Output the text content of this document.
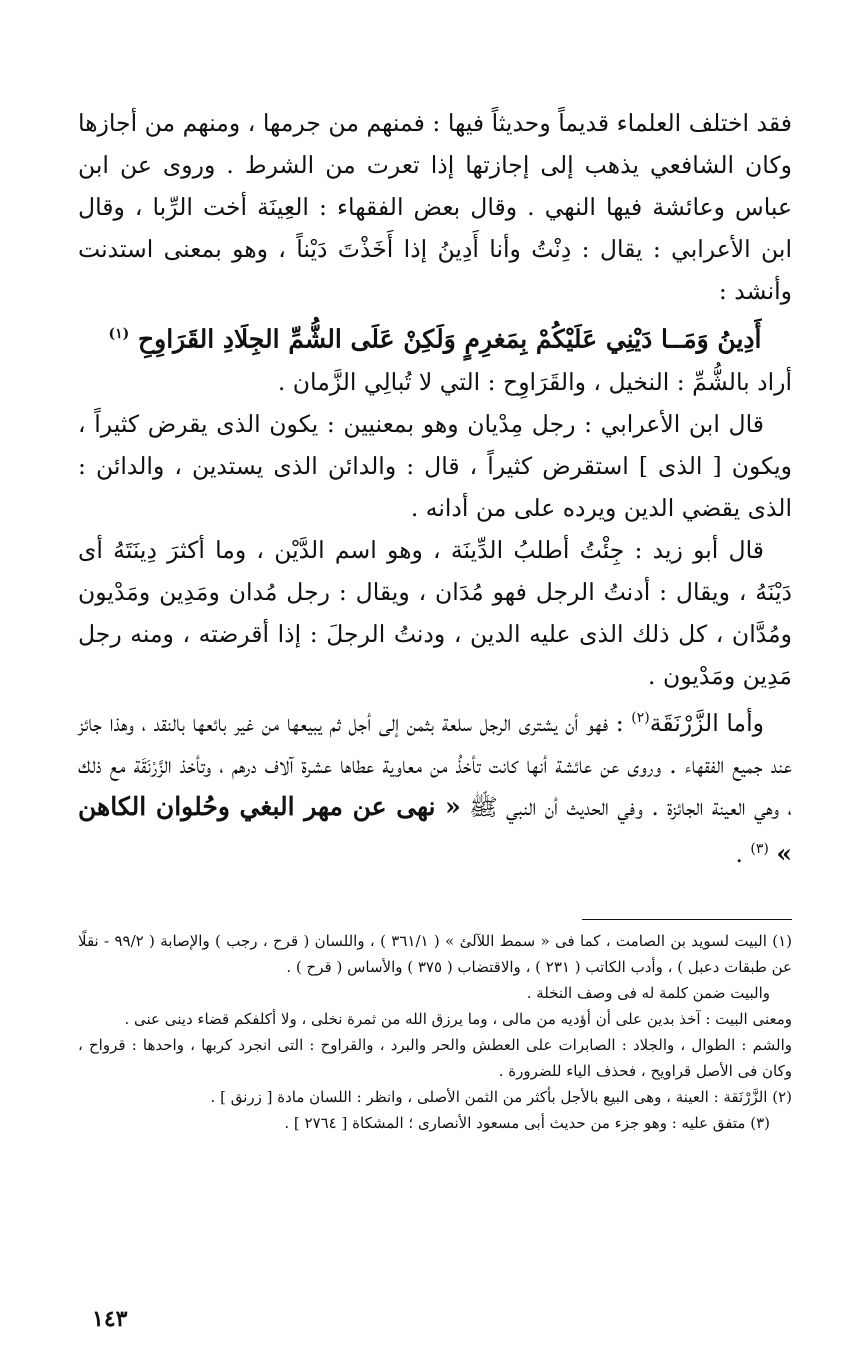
فقد اختلف العلماء قديماً وحديثاً فيها : فمنهم من جرمها ، ومنهم من أجازها وكان الشافعي يذهب إلى إجازتها إذا تعرت من الشرط . وروى عن ابن عباس وعائشة فيها النهي . وقال بعض الفقهاء : العِينَة أخت الرِّبا ، وقال ابن الأعرابي : يقال : دِنْتُ وأنا أَدِينُ إذا أَخَذْتَ دَيْناً ، وهو بمعنى استدنت وأنشد :

أَدِينُ وَمَــا دَيْنِي عَلَيْكُمْ بِمَغرِمٍ وَلَكِنْ عَلَى الشُّمِّ الجِلَادِ القَرَاوِحِ $^{(١)}$

أراد بالشُّمِّ : النخيل ، والقَرَاوِح : التي لا تُبالِي الزَّمان .

قال ابن الأعرابي : رجل مِدْيان وهو بمعنيين : يكون الذى يقرض كثيراً ، ويكون [ الذى ] استقرض كثيراً ، قال : والدائن الذى يستدين ، والدائن : الذى يقضي الدين ويرده على من أدانه .

قال أبو زيد : جِئْتُ أطلبُ الدِّينَة ، وهو اسم الدَّيْن ، وما أكثرَ دِينَتَهُ أى دَيْنَهُ ، ويقال : أدنتُ الرجل فهو مُدَان ، ويقال : رجل مُدان ومَدِين ومَدْيون ومُدَّان ، كل ذلك الذى عليه الدين ، ودنتُ الرجلَ : إذا أقرضته ، ومنه رجل مَدِين ومَدْيون .

وأما الزَّرْنَقَة$^{(٢)}$ : فهو أن يشترى الرجل سلعة بثمن إلى أجل ثم يبيعها من غير بائعها بالنقد ، وهذا جائز عند جميع الفقهاء . وروى عن عائشة أنها كانت تأخذُ من معاوية عطاها عشرة آلاف درهم ، وتأخذ الزَّرْنَقَة مع ذلك ، وهي العينة الجائزة . وفي الحديث أن النبي ﷺ « نهى عن مهر البغي وحُلوان الكاهن » $^{(٣)}$ .

(١) البيت لسويد بن الصامت ، كما فى « سمط اللآلئ » ( ٣٦١/١ ) ، واللسان ( قرح ، رجب ) والإصابة ( ٩٩/٢ - نقلًا عن طبقات دعبل ) ، وأدب الكاتب ( ٢٣١ ) ، والاقتضاب ( ٣٧٥ ) والأساس ( قرح ) .

والبيت ضمن كلمة له فى وصف النخلة .

ومعنى البيت : آخذ بدين على أن أؤديه من مالى ، وما يرزق الله من ثمرة نخلى ، ولا أكلفكم قضاء دينى عنى .

والشم : الطوال ، والجلاد : الصابرات على العطش والحر والبرد ، والقراوح : التى انجرد كربها ، واحدها : قرواح ، وكان فى الأصل قراويح ، فحذف الياء للضرورة .

(٢) الزَّرْنَقة : العينة ، وهى البيع بالأجل بأكثر من الثمن الأصلى ، وانظر : اللسان مادة [ زرنق ] .

(٣) متفق عليه : وهو جزء من حديث أبى مسعود الأنصارى ؛ المشكاة [ ٢٧٦٤ ] .

١٤٣
